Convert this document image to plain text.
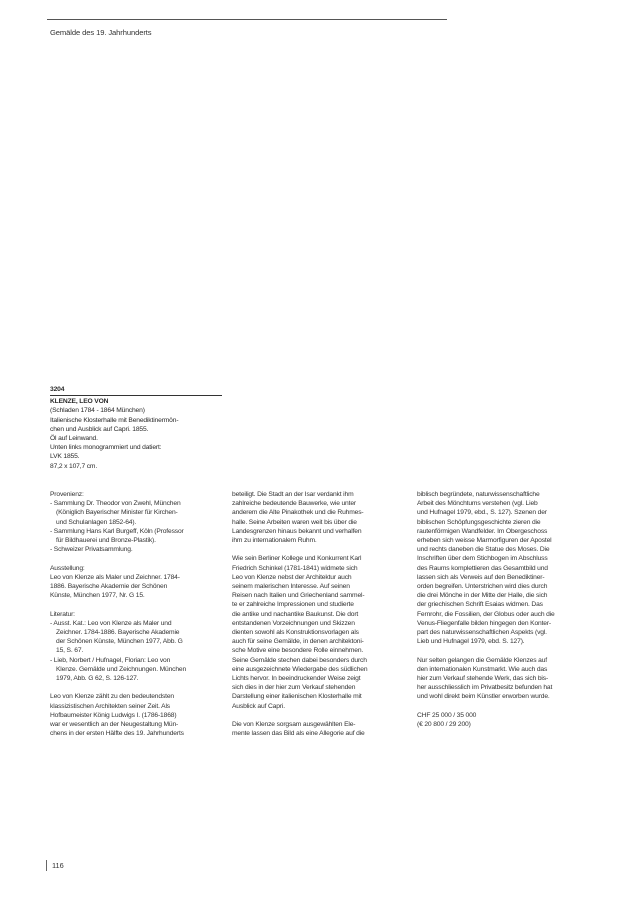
Gemälde des 19. Jahrhunderts
3204
KLENZE, LEO VON
(Schladen 1784 - 1864 München)
Italienische Klosterhalle mit Benediktinermön-
chen und Ausblick auf Capri. 1855.
Öl auf Leinwand.
Unten links monogrammiert und datiert:
LVK 1855.
87,2 x 107,7 cm.
Provenienz:
- Sammlung Dr. Theodor von Zwehl, München
(Königlich Bayerischer Minister für Kirchen-
und Schulanlagen 1852-64).
- Sammlung Hans Karl Burgeff, Köln (Professor
für Bildhauerei und Bronze-Plastik).
- Schweizer Privatsammlung.
Ausstellung:
Leo von Klenze als Maler und Zeichner. 1784-
1886. Bayerische Akademie der Schönen
Künste, München 1977, Nr. G 15.
Literatur:
- Ausst. Kat.: Leo von Klenze als Maler und
Zeichner. 1784-1886. Bayerische Akademie
der Schönen Künste, München 1977, Abb. G
15, S. 67.
- Lieb, Norbert / Hufnagel, Florian: Leo von
Klenze. Gemälde und Zeichnungen. München
1979, Abb. G 62, S. 126-127.
Leo von Klenze zählt zu den bedeutendsten
klassizistischen Architekten seiner Zeit. Als
Hofbaumeister König Ludwigs I. (1786-1868)
war er wesentlich an der Neugestaltung Mün-
chens in der ersten Hälfte des 19. Jahrhunderts
beteiligt. Die Stadt an der Isar verdankt ihm
zahlreiche bedeutende Bauwerke, wie unter
anderem die Alte Pinakothek und die Ruhmes-
halle. Seine Arbeiten waren weit bis über die
Landesgrenzen hinaus bekannt und verhalfen
ihm zu internationalem Ruhm.
Wie sein Berliner Kollege und Konkurrent Karl
Friedrich Schinkel (1781-1841) widmete sich
Leo von Klenze nebst der Architektur auch
seinem malerischen Interesse. Auf seinen
Reisen nach Italien und Griechenland sammel-
te er zahlreiche Impressionen und studierte
die antike und nachantike Baukunst. Die dort
entstandenen Vorzeichnungen und Skizzen
dienten sowohl als Konstruktionsvorlagen als
auch für seine Gemälde, in denen architektoni-
sche Motive eine besondere Rolle einnehmen.
Seine Gemälde stechen dabei besonders durch
eine ausgezeichnete Wiedergabe des südlichen
Lichts hervor. In beeindruckender Weise zeigt
sich dies in der hier zum Verkauf stehenden
Darstellung einer italienischen Klosterhalle mit
Ausblick auf Capri.
Die von Klenze sorgsam ausgewählten Ele-
mente lassen das Bild als eine Allegorie auf die
biblisch begründete, naturwissenschaftliche
Arbeit des Mönchtums verstehen (vgl. Lieb
und Hufnagel 1979, ebd., S. 127). Szenen der
biblischen Schöpfungsgeschichte zieren die
rautenförmigen Wandfelder. Im Obergeschoss
erheben sich weisse Marmorfiguren der Apostel
und rechts daneben die Statue des Moses. Die
Inschriften über dem Stichbogen im Abschluss
des Raums komplettieren das Gesamtbild und
lassen sich als Verweis auf den Benediktiner-
orden begreifen. Unterstrichen wird dies durch
die drei Mönche in der Mitte der Halle, die sich
der griechischen Schrift Esaias widmen. Das
Fernrohr, die Fossilien, der Globus oder auch die
Venus-Fliegenfalle bilden hingegen den Konter-
part des naturwissenschaftlichen Aspekts (vgl.
Lieb und Hufnagel 1979, ebd. S. 127).
Nur selten gelangen die Gemälde Klenzes auf
den internationalen Kunstmarkt. Wie auch das
hier zum Verkauf stehende Werk, das sich bis-
her ausschliesslich im Privatbesitz befunden hat
und wohl direkt beim Künstler erworben wurde.
CHF 25 000 / 35 000
(€ 20 800 / 29 200)
116
